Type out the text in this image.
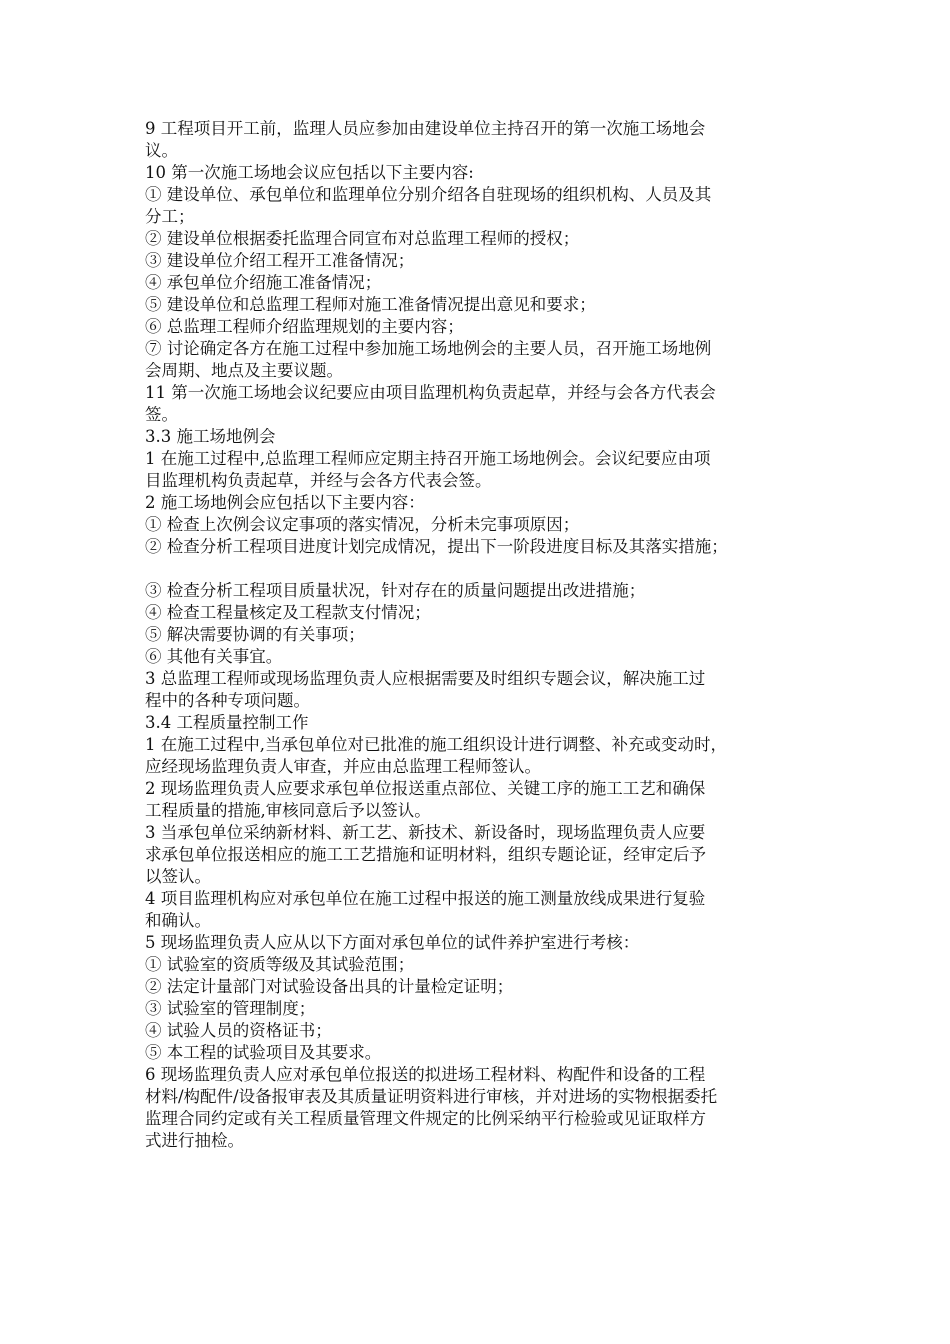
9 工程项目开工前，监理人员应参加由建设单位主持召开的第一次施工场地会
议。
10 第一次施工场地会议应包括以下主要内容:
① 建设单位、承包单位和监理单位分别介绍各自驻现场的组织机构、人员及其
分工；
② 建设单位根据委托监理合同宣布对总监理工程师的授权；
③ 建设单位介绍工程开工准备情况；
④ 承包单位介绍施工准备情况；
⑤ 建设单位和总监理工程师对施工准备情况提出意见和要求；
⑥ 总监理工程师介绍监理规划的主要内容；
⑦ 讨论确定各方在施工过程中参加施工场地例会的主要人员，召开施工场地例
会周期、地点及主要议题。
11 第一次施工场地会议纪要应由项目监理机构负责起草，并经与会各方代表会
签。
3.3 施工场地例会
1 在施工过程中,总监理工程师应定期主持召开施工场地例会。会议纪要应由项
目监理机构负责起草，并经与会各方代表会签。
2 施工场地例会应包括以下主要内容：
① 检查上次例会议定事项的落实情况，分析未完事项原因；
② 检查分析工程项目进度计划完成情况，提出下一阶段进度目标及其落实措施；
③ 检查分析工程项目质量状况，针对存在的质量问题提出改进措施；
④ 检查工程量核定及工程款支付情况；
⑤ 解决需要协调的有关事项；
⑥ 其他有关事宜。
3 总监理工程师或现场监理负责人应根据需要及时组织专题会议，解决施工过
程中的各种专项问题。
3.4 工程质量控制工作
1 在施工过程中,当承包单位对已批准的施工组织设计进行调整、补充或变动时，
应经现场监理负责人审查，并应由总监理工程师签认。
2 现场监理负责人应要求承包单位报送重点部位、关键工序的施工工艺和确保
工程质量的措施,审核同意后予以签认。
3 当承包单位采纳新材料、新工艺、新技术、新设备时，现场监理负责人应要
求承包单位报送相应的施工工艺措施和证明材料，组织专题论证，经审定后予
以签认。
4 项目监理机构应对承包单位在施工过程中报送的施工测量放线成果进行复验
和确认。
5 现场监理负责人应从以下方面对承包单位的试件养护室进行考核：
① 试验室的资质等级及其试验范围；
② 法定计量部门对试验设备出具的计量检定证明；
③ 试验室的管理制度；
④ 试验人员的资格证书；
⑤ 本工程的试验项目及其要求。
6 现场监理负责人应对承包单位报送的拟进场工程材料、构配件和设备的工程
材料/构配件/设备报审表及其质量证明资料进行审核，并对进场的实物根据委托
监理合同约定或有关工程质量管理文件规定的比例采纳平行检验或见证取样方
式进行抽检。
